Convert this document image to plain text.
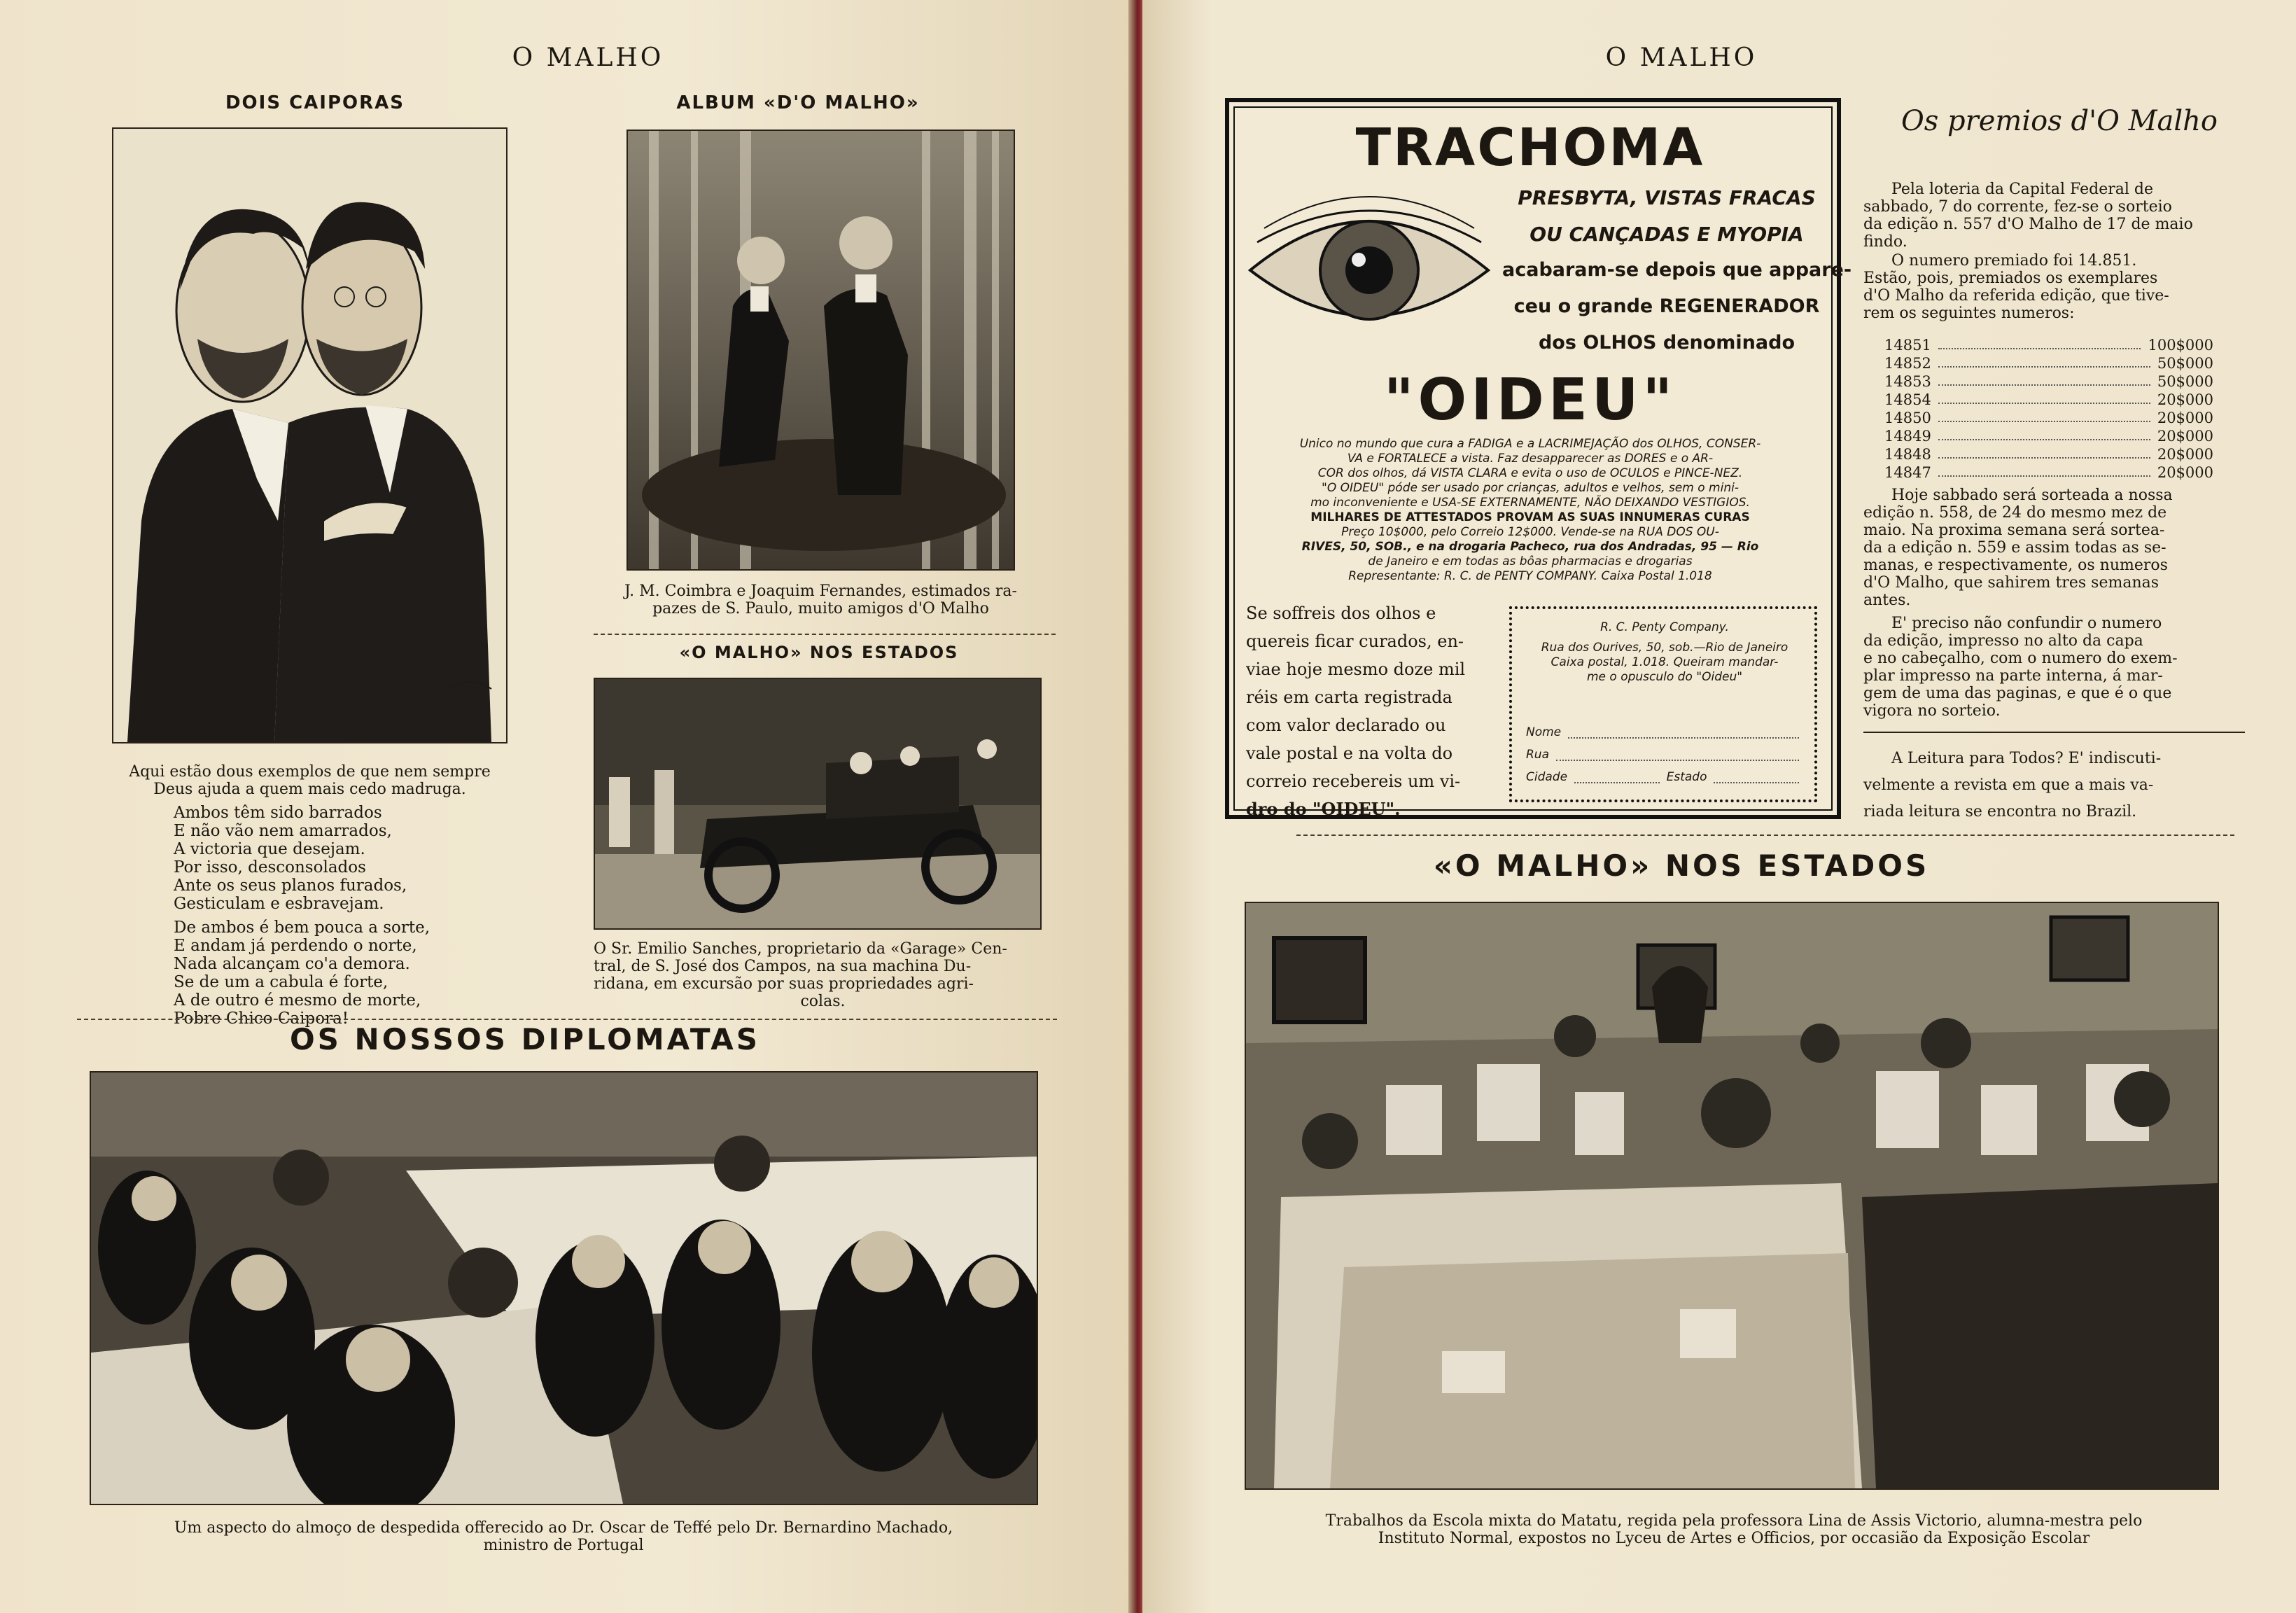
O MALHO
DOIS CAIPORAS
Aqui estão dous exemplos de que nem sempre Deus ajuda a quem mais cedo madruga.
Ambos têm sido barrados
E não vão nem amarrados,
A victoria que desejam.
Por isso, desconsolados
Ante os seus planos furados,
Gesticulam e esbravejam.
De ambos é bem pouca a sorte,
E andam já perdendo o norte,
Nada alcançam co'a demora.
Se de um a cabula é forte,
A de outro é mesmo de morte,
Pobre Chico Caipora!
ALBUM «D'O MALHO»
J. M. Coimbra e Joaquim Fernandes, estimados ra-
pazes de S. Paulo, muito amigos d'O Malho
«O MALHO» NOS ESTADOS
O Sr. Emilio Sanches, proprietario da «Garage» Cen-
tral, de S. José dos Campos, na sua machina Du-
ridana, em excursão por suas propriedades agri-
colas.
OS NOSSOS DIPLOMATAS
Um aspecto do almoço de despedida offerecido ao Dr. Oscar de Teffé pelo Dr. Bernardino Machado,
ministro de Portugal
O MALHO
TRACHOMA
PRESBYTA, VISTAS FRACAS
OU CANÇADAS E MYOPIA
acabaram-se depois que appare-
ceu o grande REGENERADOR
dos OLHOS denominado
"OIDEU"
Unico no mundo que cura a FADIGA e a LACRIMEJAÇÃO dos OLHOS, CONSER-
VA e FORTALECE a vista. Faz desapparecer as DORES e o AR-
COR dos olhos, dá VISTA CLARA e evita o uso de OCULOS e PINCE-NEZ.
"O OIDEU" póde ser usado por crianças, adultos e velhos, sem o mini-
mo inconveniente e USA-SE EXTERNAMENTE, NÃO DEIXANDO VESTIGIOS.
MILHARES DE ATTESTADOS PROVAM AS SUAS INNUMERAS CURAS
Preço 10$000, pelo Correio 12$000. Vende-se na RUA DOS OU-
RIVES, 50, SOB., e na drogaria Pacheco, rua dos Andradas, 95 — Rio
de Janeiro e em todas as bôas pharmacias e drogarias
Representante: R. C. de PENTY COMPANY. Caixa Postal 1.018
Se soffreis dos olhos e
quereis ficar curados, en-
viae hoje mesmo doze mil
réis em carta registrada
com valor declarado ou
vale postal e na volta do
correio recebereis um vi-
dro do "OIDEU".
R. C. Penty Company.
Rua dos Ourives, 50, sob.—Rio de Janeiro
Caixa postal, 1.018. Queiram mandar-
me o opusculo do "Oideu"
Nome
Rua
Cidade	Estado
Os premios d'O Malho
Pela loteria da Capital Federal de
sabbado, 7 do corrente, fez-se o sorteio
da edição n. 557 d'O Malho de 17 de maio
findo.
O numero premiado foi 14.851.
Estão, pois, premiados os exemplares
d'O Malho da referida edição, que tive-
rem os seguintes numeros:
14851	100$000
14852	50$000
14853	50$000
14854	20$000
14850	20$000
14849	20$000
14848	20$000
14847	20$000
Hoje sabbado será sorteada a nossa
edição n. 558, de 24 do mesmo mez de
maio. Na proxima semana será sortea-
da a edição n. 559 e assim todas as se-
manas, e respectivamente, os numeros
d'O Malho, que sahirem tres semanas
antes.
E' preciso não confundir o numero
da edição, impresso no alto da capa
e no cabeçalho, com o numero do exem-
plar impresso na parte interna, á mar-
gem de uma das paginas, e que é o que
vigora no sorteio.
A Leitura para Todos? E' indiscuti-
velmente a revista em que a mais va-
riada leitura se encontra no Brazil.
«O MALHO» NOS ESTADOS
Trabalhos da Escola mixta do Matatu, regida pela professora Lina de Assis Victorio, alumna-mestra pelo
Instituto Normal, expostos no Lyceu de Artes e Officios, por occasião da Exposição Escolar
